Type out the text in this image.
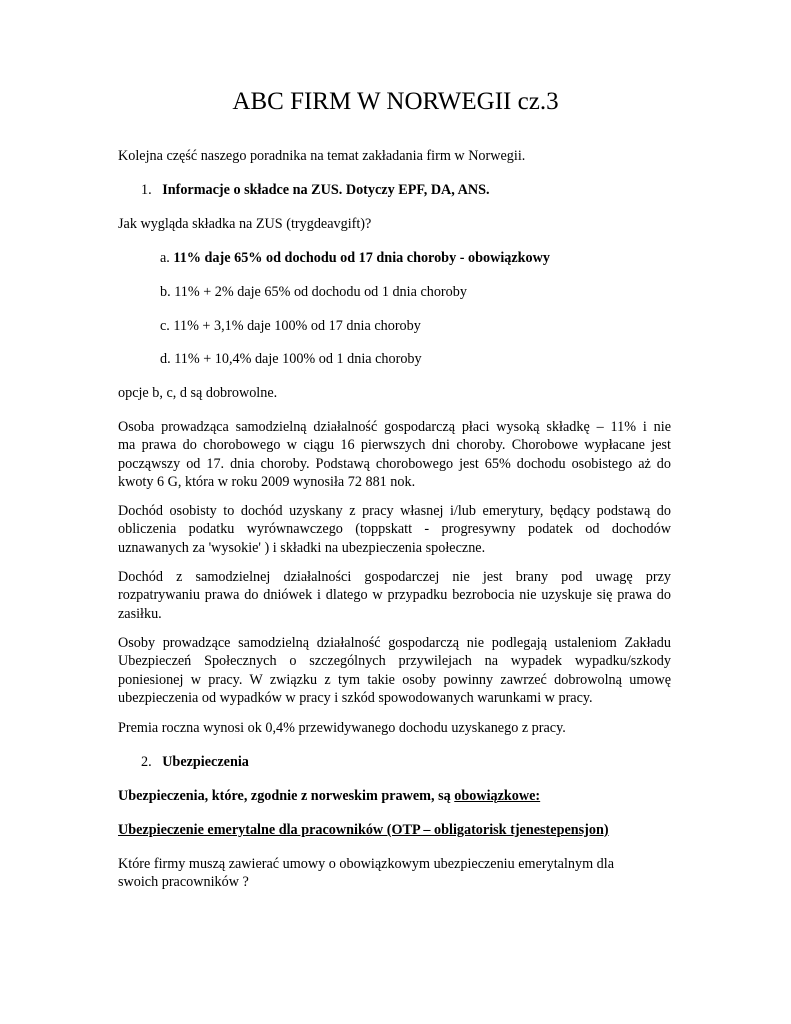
ABC FIRM W NORWEGII cz.3
Kolejna część naszego poradnika na temat zakładania firm w Norwegii.
1. Informacje o składce na ZUS. Dotyczy EPF, DA, ANS.
Jak wygląda składka na ZUS (trygdeavgift)?
a. 11% daje 65% od dochodu od 17 dnia choroby - obowiązkowy
b. 11% + 2% daje 65% od dochodu od 1 dnia choroby
c. 11% + 3,1% daje 100% od 17 dnia choroby
d. 11% + 10,4% daje 100% od 1 dnia choroby
opcje b, c, d są dobrowolne.
Osoba prowadząca samodzielną działalność gospodarczą płaci wysoką składkę – 11% i nie
ma prawa do chorobowego w ciągu 16 pierwszych dni choroby. Chorobowe wypłacane jest
począwszy od 17. dnia choroby. Podstawą chorobowego jest 65% dochodu osobistego aż do
kwoty 6 G, która w roku 2009 wynosiła 72 881 nok.
Dochód osobisty to dochód uzyskany z pracy własnej i/lub emerytury, będący podstawą do
obliczenia podatku wyrównawczego (toppskatt - progresywny podatek od dochodów
uznawanych za 'wysokie' ) i składki na ubezpieczenia społeczne.
Dochód z samodzielnej działalności gospodarczej nie jest brany pod uwagę przy
rozpatrywaniu prawa do dniówek i dlatego w przypadku bezrobocia nie uzyskuje się prawa do
zasiłku.
Osoby prowadzące samodzielną działalność gospodarczą nie podlegają ustaleniom Zakładu
Ubezpieczeń Społecznych o szczególnych przywilejach na wypadek wypadku/szkody
poniesionej w pracy. W związku z tym takie osoby powinny zawrzeć dobrowolną umowę
ubezpieczenia od wypadków w pracy i szkód spowodowanych warunkami w pracy.
Premia roczna wynosi ok 0,4% przewidywanego dochodu uzyskanego z pracy.
2. Ubezpieczenia
Ubezpieczenia, które, zgodnie z norweskim prawem, są obowiązkowe:
Ubezpieczenie emerytalne dla pracowników (OTP – obligatorisk tjenestepensjon)
Które firmy muszą zawierać umowy o obowiązkowym ubezpieczeniu emerytalnym dla
swoich pracowników ?
